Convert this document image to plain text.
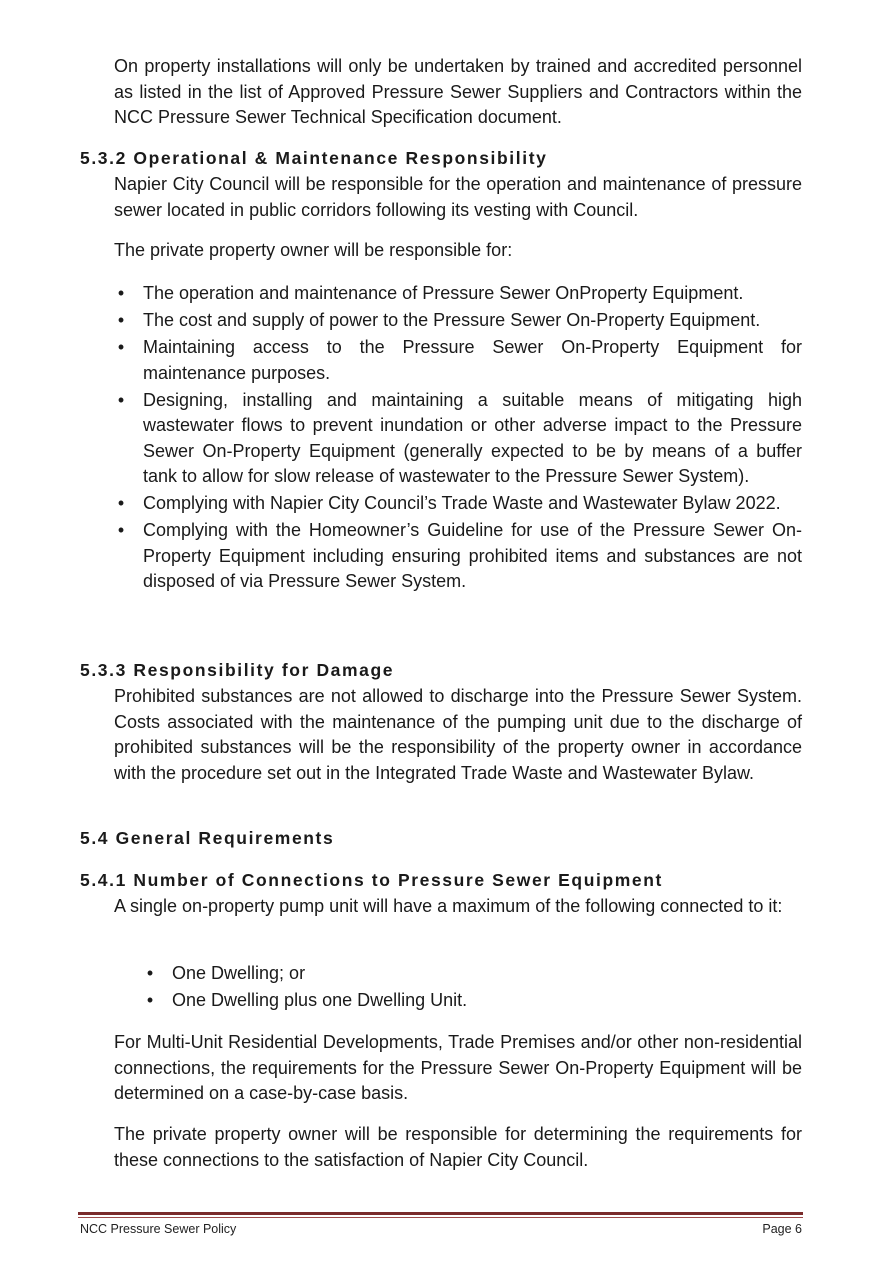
On property installations will only be undertaken by trained and accredited personnel as listed in the list of Approved Pressure Sewer Suppliers and Contractors within the NCC Pressure Sewer Technical Specification document.

5.3.2 Operational & Maintenance Responsibility

Napier City Council will be responsible for the operation and maintenance of pressure sewer located in public corridors following its vesting with Council.

The private property owner will be responsible for:

• The operation and maintenance of Pressure Sewer OnProperty Equipment.
• The cost and supply of power to the Pressure Sewer On-Property Equipment.
• Maintaining access to the Pressure Sewer On-Property Equipment for maintenance purposes.
• Designing, installing and maintaining a suitable means of mitigating high wastewater flows to prevent inundation or other adverse impact to the Pressure Sewer On-Property Equipment (generally expected to be by means of a buffer tank to allow for slow release of wastewater to the Pressure Sewer System).
• Complying with Napier City Council’s Trade Waste and Wastewater Bylaw 2022.
• Complying with the Homeowner’s Guideline for use of the Pressure Sewer On-Property Equipment including ensuring prohibited items and substances are not disposed of via Pressure Sewer System.
5.3.3 Responsibility for Damage

Prohibited substances are not allowed to discharge into the Pressure Sewer System. Costs associated with the maintenance of the pumping unit due to the discharge of prohibited substances will be the responsibility of the property owner in accordance with the procedure set out in the Integrated Trade Waste and Wastewater Bylaw.

5.4 General Requirements
5.4.1 Number of Connections to Pressure Sewer Equipment

A single on-property pump unit will have a maximum of the following connected to it:

• One Dwelling; or
• One Dwelling plus one Dwelling Unit.

For Multi-Unit Residential Developments, Trade Premises and/or other non-residential connections, the requirements for the Pressure Sewer On-Property Equipment will be determined on a case-by-case basis.

The private property owner will be responsible for determining the requirements for these connections to the satisfaction of Napier City Council.

NCC Pressure Sewer Policy	Page 6
